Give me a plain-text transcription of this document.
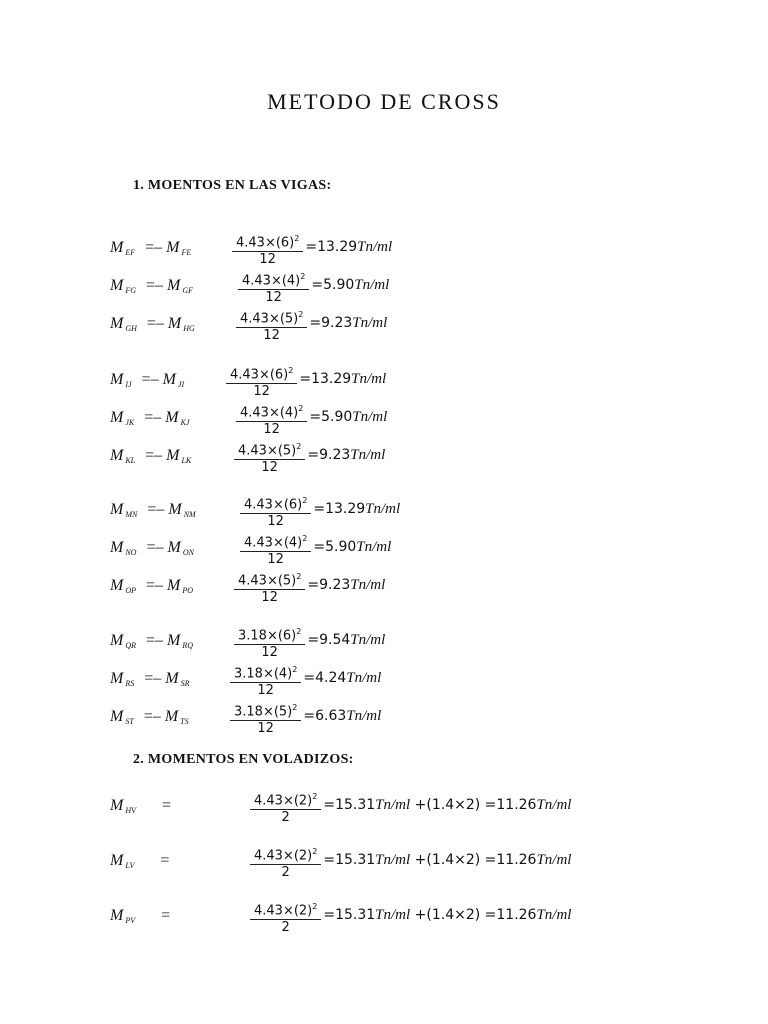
METODO DE CROSS
1. MOENTOS EN LAS VIGAS:
M $_{EF}$ =– M $_{FE}$
$4.43\times(6)^2$
12
=13.29Tn/ml
M $_{FG}$ =– M $_{GF}$
$4.43\times(4)^2$
12
=5.90Tn/ml
M $_{GH}$ =– M $_{HG}$
$4.43\times(5)^2$
12
=9.23Tn/ml
M $_{IJ}$ =– M $_{JI}$
$4.43\times(6)^2$
12
=13.29Tn/ml
M $_{JK}$ =– M $_{KJ}$
$4.43\times(4)^2$
12
=5.90Tn/ml
M $_{KL}$ =– M $_{LK}$
$4.43\times(5)^2$
12
=9.23Tn/ml
M $_{MN}$ =– M $_{NM}$
$4.43\times(6)^2$
12
=13.29Tn/ml
M $_{NO}$ =– M $_{ON}$
$4.43\times(4)^2$
12
=5.90Tn/ml
M $_{OP}$ =– M $_{PO}$
$4.43\times(5)^2$
12
=9.23Tn/ml
M $_{QR}$ =– M $_{RQ}$
$3.18\times(6)^2$
12
=9.54Tn/ml
M $_{RS}$ =– M $_{SR}$
$3.18\times(4)^2$
12
=4.24Tn/ml
M $_{ST}$ =– M $_{TS}$
$3.18\times(5)^2$
12
=6.63Tn/ml
2. MOMENTOS EN VOLADIZOS:
M $_{HV}$ =	$4.43\times(2)^2$
2
=15.31Tn/ml +(1.4×2) =11.26Tn/ml
M $_{LV}$ =	$4.43\times(2)^2$
2
=15.31Tn/ml +(1.4×2) =11.26Tn/ml
M $_{PV}$ =	$4.43\times(2)^2$
2
=15.31Tn/ml +(1.4×2) =11.26Tn/ml
